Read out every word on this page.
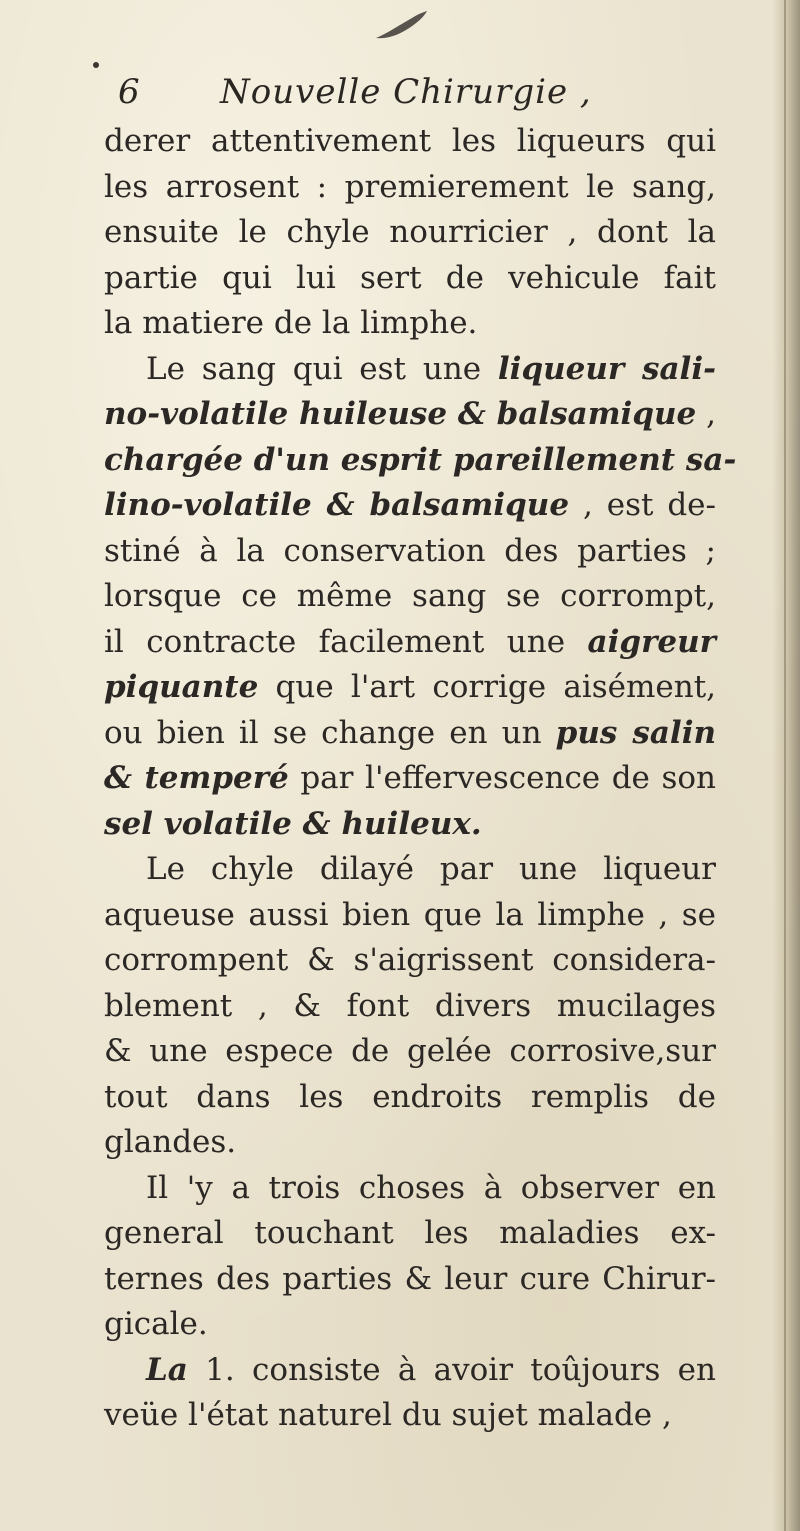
6 Nouvelle Chirurgie ,
derer attentivement les liqueurs qui
les arrosent : premierement le sang,
ensuite le chyle nourricier , dont la
partie qui lui sert de vehicule fait
la matiere de la limphe.
Le sang qui est une liqueur sali-
no-volatile huileuse & balsamique ,
chargée d'un esprit pareillement sa-
lino-volatile & balsamique , est de-
stiné à la conservation des parties ;
lorsque ce même sang se corrompt,
il contracte facilement une aigreur
piquante que l'art corrige aisément,
ou bien il se change en un pus salin
& temperé par l'effervescence de son
sel volatile & huileux.
Le chyle dilayé par une liqueur
aqueuse aussi bien que la limphe , se
corrompent & s'aigrissent considera-
blement , & font divers mucilages
& une espece de gelée corrosive,sur
tout dans les endroits remplis de
glandes.
Il 'y a trois choses à observer en
general touchant les maladies ex-
ternes des parties & leur cure Chirur-
gicale.
La 1. consiste à avoir toûjours en
veüe l'état naturel du sujet malade ,
